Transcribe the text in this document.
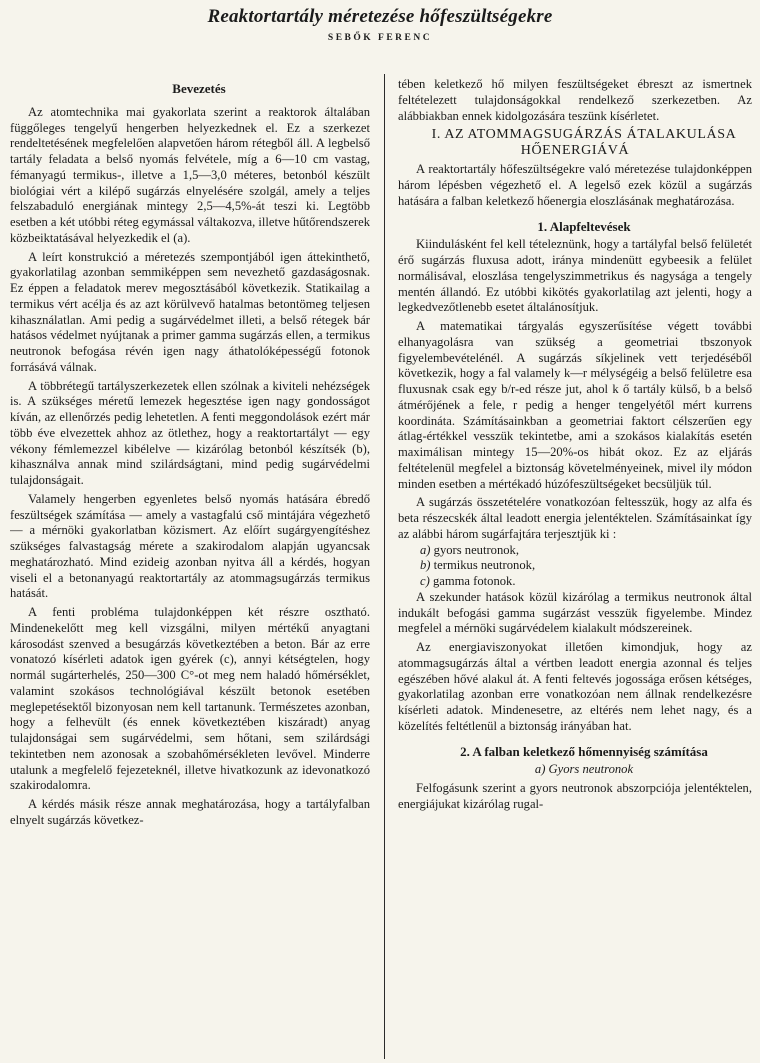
Reaktortartály méretezése hőfeszültségekre
SEBŐK FERENC

Bevezetés

Az atomtechnika mai gyakorlata szerint a reaktorok általában függőleges tengelyű hengerben helyezkednek el. Ez a szerkezet rendeltetésének megfelelően alapvetően három rétegből áll. A legbelső tartály feladata a belső nyomás felvétele, míg a 6—10 cm vastag, fémanyagú termikus-, illetve a 1,5—3,0 méteres, betonból készült biológiai vért a kilépő sugárzás elnyelésére szolgál, amely a teljes felszabaduló energiának mintegy 2,5—4,5%-át teszi ki. Legtöbb esetben a két utóbbi réteg egymással váltakozva, illetve hűtőrendszerek közbeiktatásával helyezkedik el (a).

A leírt konstrukció a méretezés szempontjából igen áttekinthető, gyakorlatilag azonban semmiképpen sem nevezhető gazdaságosnak. Ez éppen a feladatok merev megosztásából következik. Statikailag a termikus vért acélja és az azt körülvevő hatalmas betontömeg teljesen kihasználatlan. Ami pedig a sugárvédelmet illeti, a belső rétegek bár hatásos védelmet nyújtanak a primer gamma sugárzás ellen, a termikus neutronok befogása révén igen nagy áthatolóképességű fotonok forrásává válnak.

A többrétegű tartályszerkezetek ellen szólnak a kiviteli nehézségek is. A szükséges méretű lemezek hegesztése igen nagy gondosságot kíván, az ellenőrzés pedig lehetetlen. A fenti meggondolások ezért már több éve elvezettek ahhoz az ötlethez, hogy a reaktortartályt — egy vékony fémlemezzel kibélelve — kizárólag betonból készítsék (b), kihasználva annak mind szilárdságtani, mind pedig sugárvédelmi tulajdonságait.

Valamely hengerben egyenletes belső nyomás hatására ébredő feszültségek számítása — amely a vastagfalú cső mintájára végezhető — a mérnöki gyakorlatban közismert. Az előírt sugárgyengítéshez szükséges falvastagság mérete a szakirodalom alapján ugyancsak meghatározható. Mind ezideig azonban nyitva áll a kérdés, hogyan viseli el a betonanyagú reaktortartály az atommagsugárzás termikus hatását.

A fenti probléma tulajdonképpen két részre osztható. Mindenekelőtt meg kell vizsgálni, milyen mértékű anyagtani károsodást szenved a besugárzás következtében a beton. Bár az erre vonatozó kísérleti adatok igen gyérek (c), annyi kétségtelen, hogy normál sugárterhelés, 250—300 C°-ot meg nem haladó hőmérséklet, valamint szokásos technológiával készült betonok esetében meglepetésektől bizonyosan nem kell tartanunk. Természetes azonban, hogy a felhevült (és ennek következtében kiszáradt) anyag tulajdonságai sem sugárvédelmi, sem hőtani, sem szilárdsági tekintetben nem azonosak a szobahőmérsékleten levővel. Minderre utalunk a megfelelő fejezeteknél, illetve hivatkozunk az idevonatkozó szakirodalomra.

A kérdés másik része annak meghatározása, hogy a tartályfalban elnyelt sugárzás következ-

tében keletkező hő milyen feszültségeket ébreszt az ismertnek feltételezett tulajdonságokkal rendelkező szerkezetben. Az alábbiakban ennek kidolgozására teszünk kísérletet.

I. AZ ATOMMAGSUGÁRZÁS ÁTALAKULÁSA HŐENERGIÁVÁ

A reaktortartály hőfeszültségekre való méretezése tulajdonképpen három lépésben végezhető el. A legelső ezek közül a sugárzás hatására a falban keletkező hőenergia eloszlásának meghatározása.

1. Alapfeltevések

Kiindulásként fel kell tételeznünk, hogy a tartályfal belső felületét érő sugárzás fluxusa adott, iránya mindenütt egybeesik a felület normálisával, eloszlása tengelyszimmetrikus és nagysága a tengely mentén állandó. Ez utóbbi kikötés gyakorlatilag azt jelenti, hogy a legkedvezőtlenebb esetet általánosítjuk.

A matematikai tárgyalás egyszerűsítése végett további elhanyagolásra van szükség a geometriai tbszonyok figyelembevételénél. A sugárzás síkjelinek vett terjedéséből következik, hogy a fal valamely k—r mélységéig a belső felületre esa fluxusnak csak egy b/r-ed része jut, ahol k ő tartály külső, b a belső átmérőjének a fele, r pedig a henger tengelyétől mért kurrens koordináta. Számításainkban a geometriai faktort célszerűen egy átlag-értékkel vesszük tekintetbe, ami a szokásos kialakítás esetén maximálisan mintegy 15—20%-os hibát okoz. Ez az eljárás feltételenül megfelel a biztonság követelményeinek, mivel ily módon minden esetben a mértékadó húzófeszültségeket becsüljük túl.

A sugárzás összetételére vonatkozóan feltesszük, hogy az alfa és beta részecskék által leadott energia jelentéktelen. Számításainkat így az alábbi három sugárfajtára terjesztjük ki :

a) gyors neutronok,
b) termikus neutronok,
c) gamma fotonok.

A szekunder hatások közül kizárólag a termikus neutronok által indukált befogási gamma sugárzást vesszük figyelembe. Mindez megfelel a mérnöki sugárvédelem kialakult módszereinek.

Az energiaviszonyokat illetően kimondjuk, hogy az atommagsugárzás által a vértben leadott energia azonnal és teljes egészében hővé alakul át. A fenti feltevés jogossága erősen kétséges, gyakorlatilag azonban erre vonatkozóan nem állnak rendelkezésre kísérleti adatok. Mindenesetre, az eltérés nem lehet nagy, és a közelítés feltétlenül a biztonság irányában hat.

2. A falban keletkező hőmennyiség számítása

a) Gyors neutronok

Felfogásunk szerint a gyors neutronok abszorpciója jelentéktelen, energiájukat kizárólag rugal-
